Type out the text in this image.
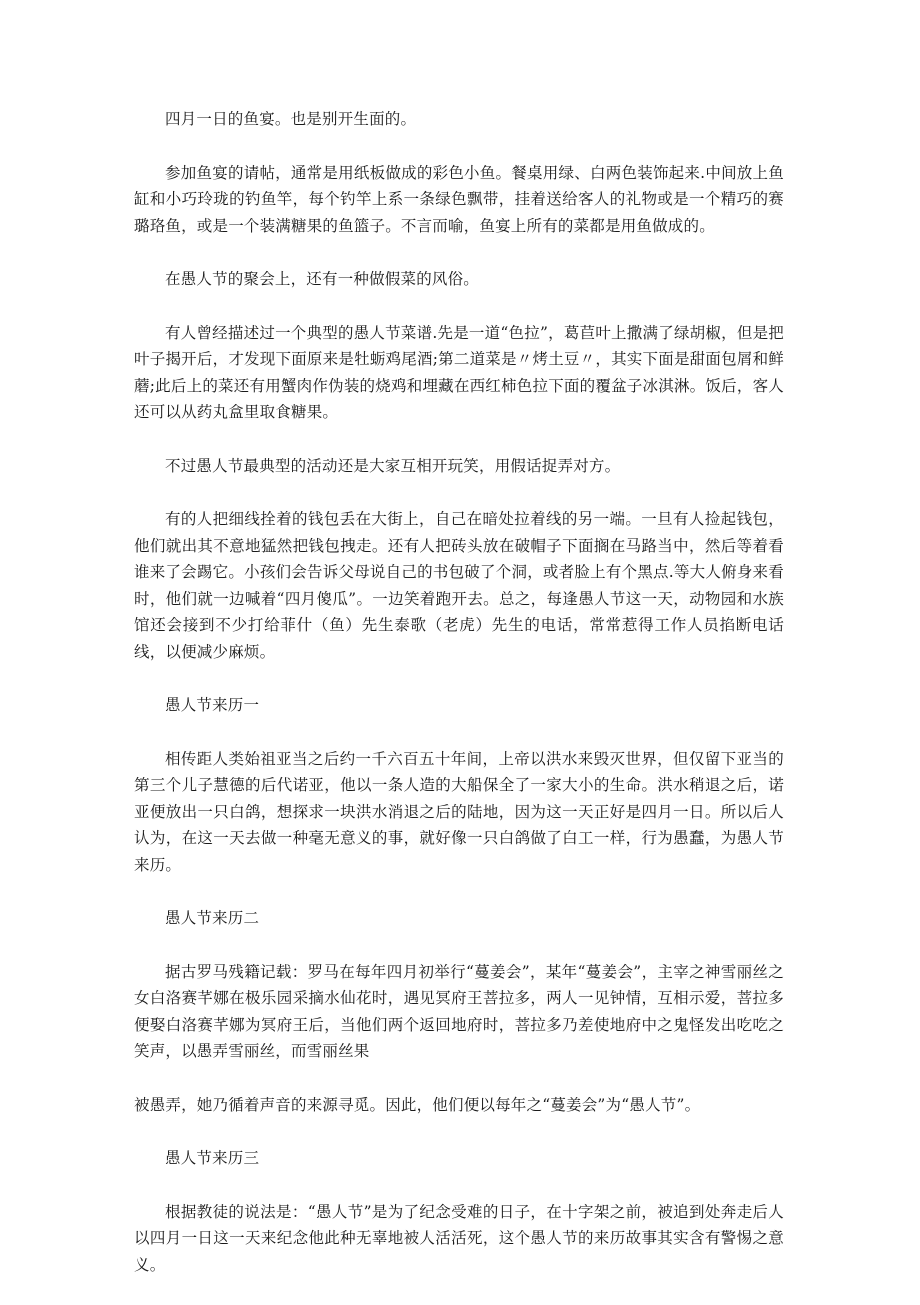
四月一日的鱼宴。也是别开生面的。

参加鱼宴的请帖，通常是用纸板做成的彩色小鱼。餐桌用绿、白两色装饰起来.中间放上鱼缸和小巧玲珑的钓鱼竿，每个钓竿上系一条绿色飘带，挂着送给客人的礼物或是一个精巧的赛璐珞鱼，或是一个装满糖果的鱼篮子。不言而喻，鱼宴上所有的菜都是用鱼做成的。

在愚人节的聚会上，还有一种做假菜的风俗。

有人曾经描述过一个典型的愚人节菜谱.先是一道“色拉”，葛苣叶上撒满了绿胡椒，但是把叶子揭开后，才发现下面原来是牡蛎鸡尾酒;第二道菜是〃烤土豆〃，其实下面是甜面包屑和鲜蘑;此后上的菜还有用蟹肉作伪装的烧鸡和埋藏在西红柿色拉下面的覆盆子冰淇淋。饭后，客人还可以从药丸盒里取食糖果。

不过愚人节最典型的活动还是大家互相开玩笑，用假话捉弄对方。

有的人把细线拴着的钱包丢在大街上，自己在暗处拉着线的另一端。一旦有人捡起钱包，他们就出其不意地猛然把钱包拽走。还有人把砖头放在破帽子下面搁在马路当中，然后等着看谁来了会踢它。小孩们会告诉父母说自己的书包破了个洞，或者脸上有个黑点.等大人俯身来看时，他们就一边喊着“四月傻瓜”。一边笑着跑开去。总之，每逢愚人节这一天，动物园和水族馆还会接到不少打给菲什（鱼）先生泰歌（老虎）先生的电话，常常惹得工作人员掐断电话线，以便减少麻烦。

愚人节来历一

相传距人类始祖亚当之后约一千六百五十年间，上帝以洪水来毁灭世界，但仅留下亚当的第三个儿子慧德的后代诺亚，他以一条人造的大船保全了一家大小的生命。洪水稍退之后，诺亚便放出一只白鸽，想探求一块洪水消退之后的陆地，因为这一天正好是四月一日。所以后人认为，在这一天去做一种毫无意义的事，就好像一只白鸽做了白工一样，行为愚蠢，为愚人节来历。

愚人节来历二

据古罗马残籍记载：罗马在每年四月初举行“蔓姜会”，某年“蔓姜会”，主宰之神雪丽丝之女白洛赛芊娜在极乐园采摘水仙花时，遇见冥府王菩拉多，两人一见钟情，互相示爱，菩拉多便娶白洛赛芊娜为冥府王后，当他们两个返回地府时，菩拉多乃差使地府中之鬼怪发出吃吃之笑声，以愚弄雪丽丝，而雪丽丝果

被愚弄，她乃循着声音的来源寻觅。因此，他们便以每年之“蔓姜会”为“愚人节”。

愚人节来历三

根据教徒的说法是：“愚人节”是为了纪念受难的日子，在十字架之前，被追到处奔走后人以四月一日这一天来纪念他此种无辜地被人活活死，这个愚人节的来历故事其实含有警惕之意义。
